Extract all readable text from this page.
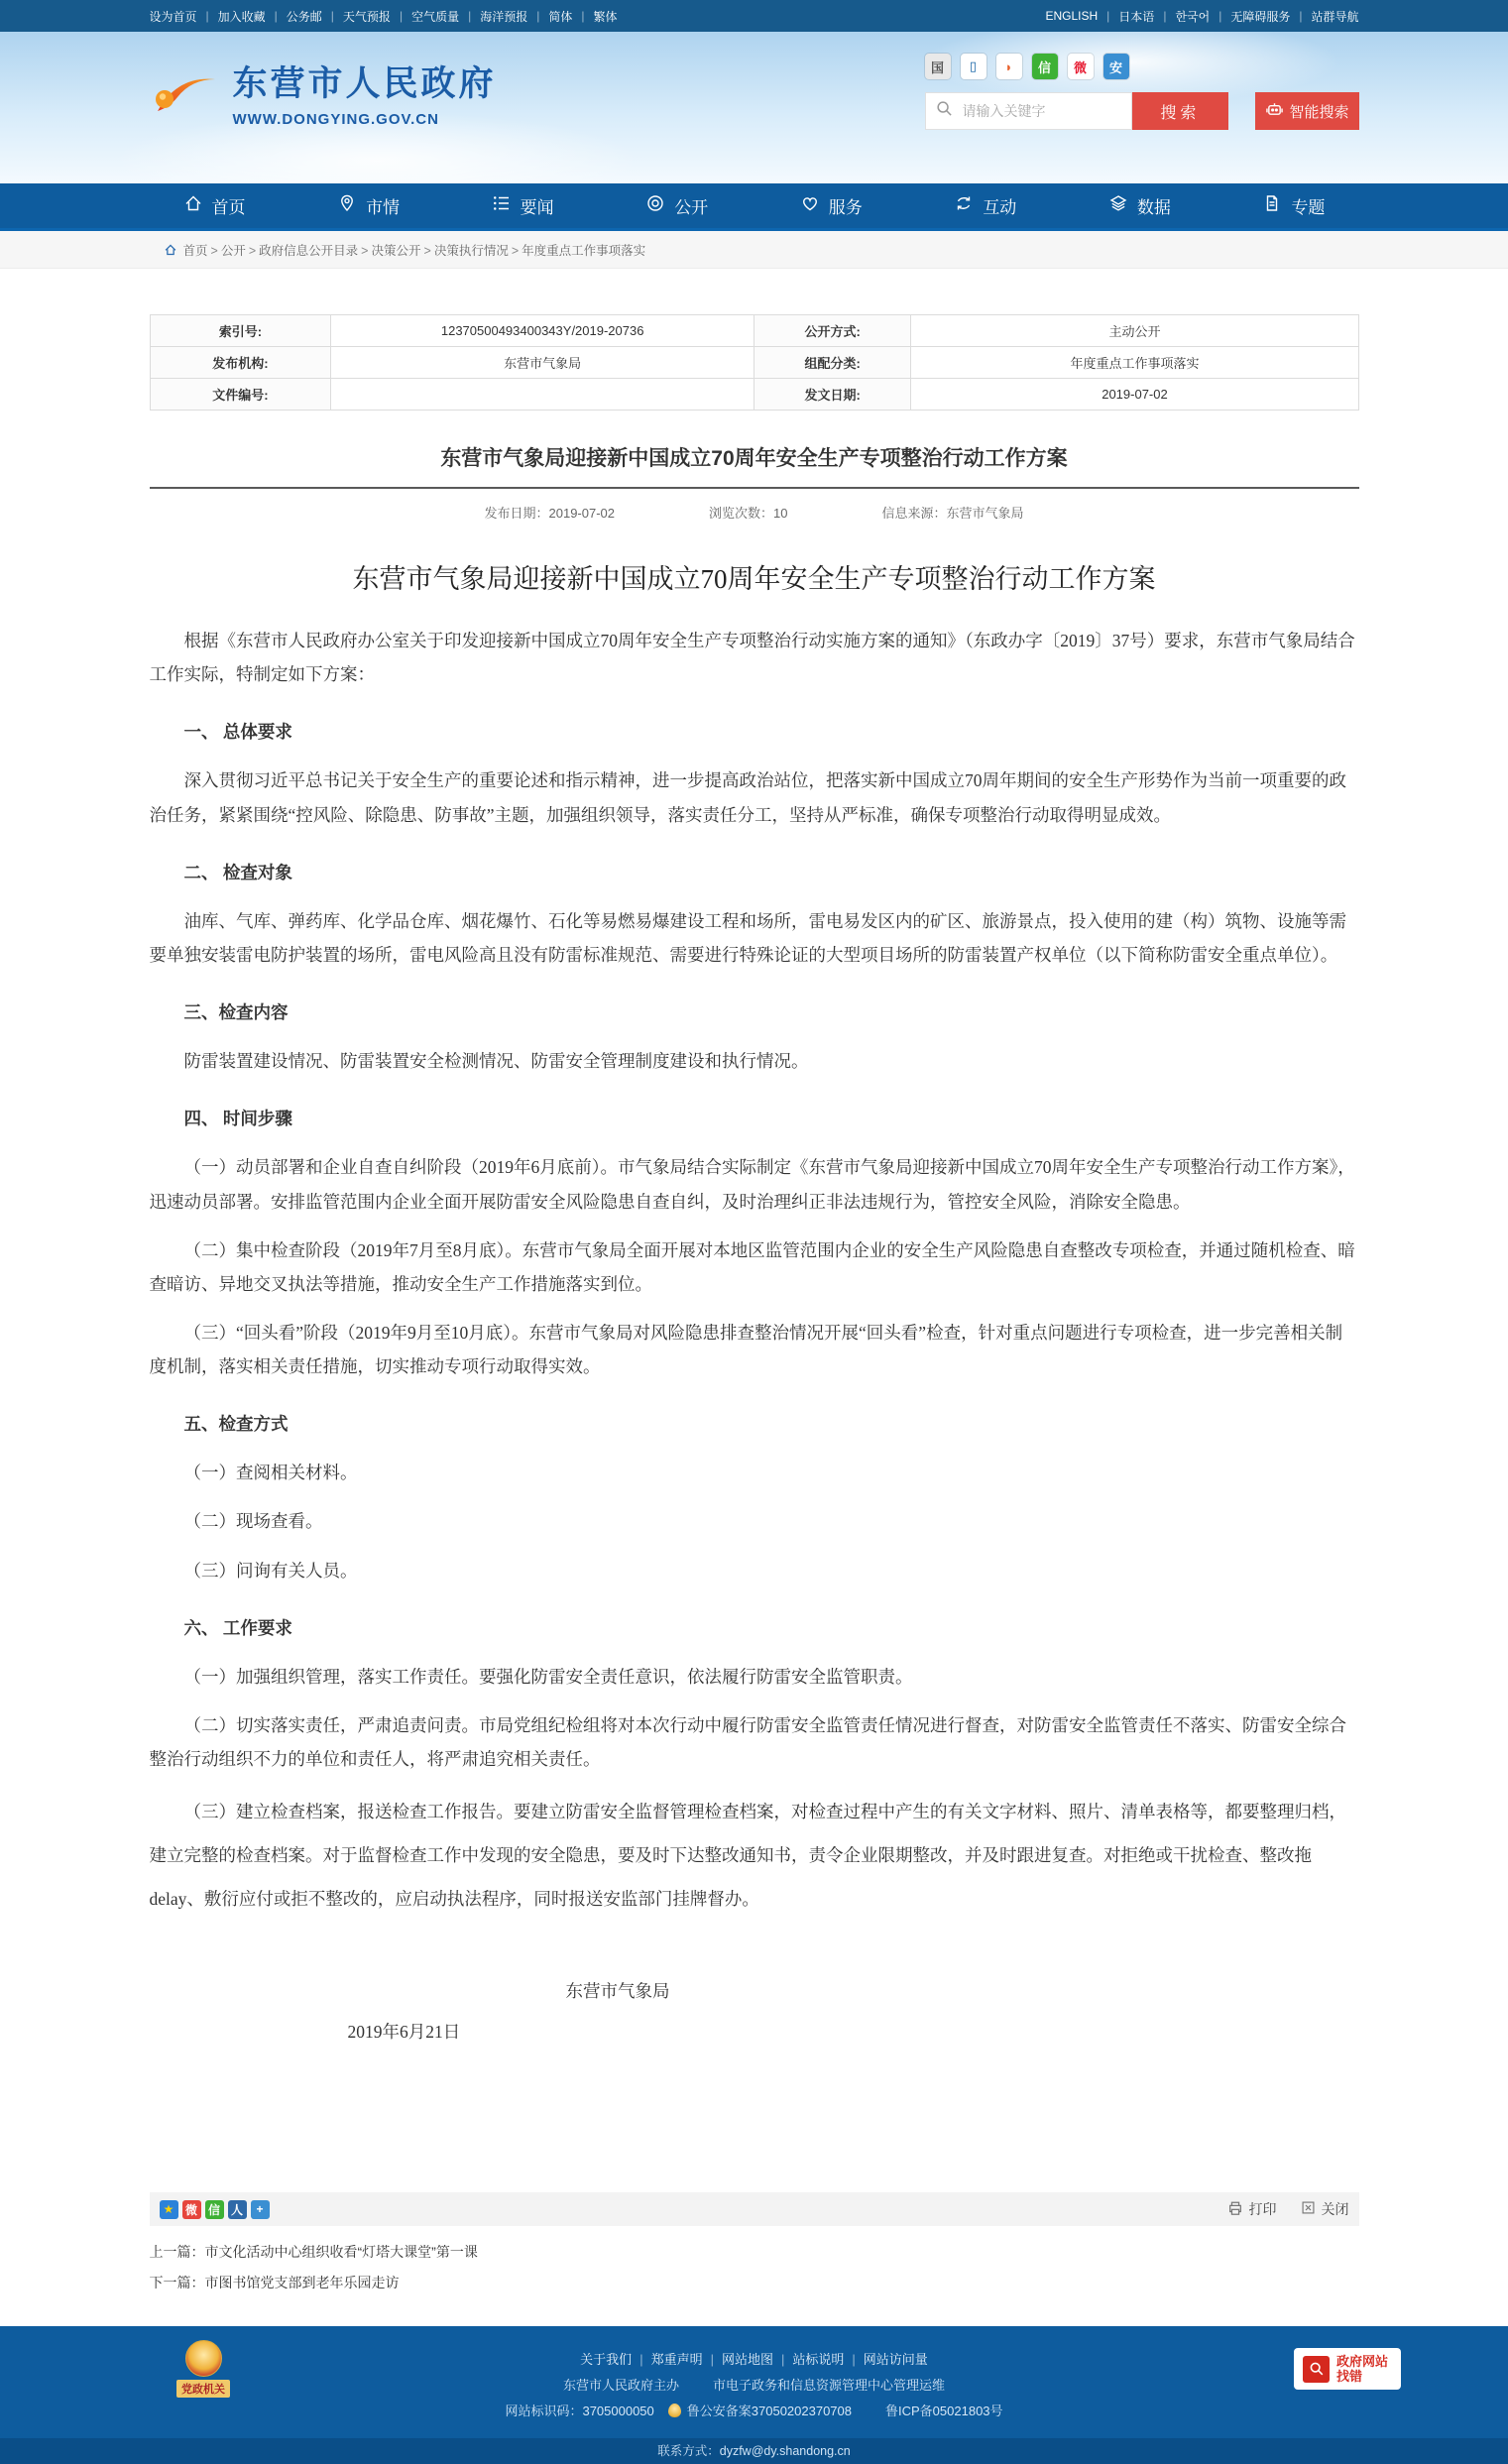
设为首页 | 加入收藏 | 公务邮 | 天气预报 | 空气质量 | 海洋预报 | 简体 | 繁体	ENGLISH | 日本语 | 한국어 | 无障碍服务 | 站群导航
东营市人民政府
WWW.DONGYING.GOV.CN
国	▯	◗	信	微	安
请输入关键字
搜索	智能搜索
首页	市情	要闻	公开	服务	互动	数据	专题
首页 > 公开 > 政府信息公开目录 > 决策公开 > 决策执行情况 > 年度重点工作事项落实
索引号:	12370500493400343Y/2019-20736	公开方式:	主动公开
发布机构:	东营市气象局	组配分类:	年度重点工作事项落实
文件编号:		发文日期:	2019-07-02
东营市气象局迎接新中国成立70周年安全生产专项整治行动工作方案
发布日期：2019-07-02	浏览次数：10	信息来源：东营市气象局
东营市气象局迎接新中国成立70周年安全生产专项整治行动工作方案

根据《东营市人民政府办公室关于印发迎接新中国成立70周年安全生产专项整治行动实施方案的通知》（东政办字〔2019〕37号）要求，东营市气象局结合工作实际，特制定如下方案：

一、 总体要求

深入贯彻习近平总书记关于安全生产的重要论述和指示精神，进一步提高政治站位，把落实新中国成立70周年期间的安全生产形势作为当前一项重要的政治任务，紧紧围绕“控风险、除隐患、防事故”主题，加强组织领导，落实责任分工，坚持从严标准，确保专项整治行动取得明显成效。

二、 检查对象

油库、气库、弹药库、化学品仓库、烟花爆竹、石化等易燃易爆建设工程和场所，雷电易发区内的矿区、旅游景点，投入使用的建（构）筑物、设施等需要单独安装雷电防护装置的场所，雷电风险高且没有防雷标准规范、需要进行特殊论证的大型项目场所的防雷装置产权单位（以下简称防雷安全重点单位）。

三、检查内容

防雷装置建设情况、防雷装置安全检测情况、防雷安全管理制度建设和执行情况。

四、 时间步骤

（一）动员部署和企业自查自纠阶段（2019年6月底前）。市气象局结合实际制定《东营市气象局迎接新中国成立70周年安全生产专项整治行动工作方案》，迅速动员部署。安排监管范围内企业全面开展防雷安全风险隐患自查自纠，及时治理纠正非法违规行为，管控安全风险，消除安全隐患。

（二）集中检查阶段（2019年7月至8月底）。东营市气象局全面开展对本地区监管范围内企业的安全生产风险隐患自查整改专项检查，并通过随机检查、暗查暗访、异地交叉执法等措施，推动安全生产工作措施落实到位。

（三）“回头看”阶段（2019年9月至10月底）。东营市气象局对风险隐患排查整治情况开展“回头看”检查，针对重点问题进行专项检查，进一步完善相关制度机制，落实相关责任措施，切实推动专项行动取得实效。

五、检查方式

（一）查阅相关材料。

（二）现场查看。

（三）问询有关人员。

六、 工作要求

（一）加强组织管理，落实工作责任。要强化防雷安全责任意识，依法履行防雷安全监管职责。

（二）切实落实责任，严肃追责问责。市局党组纪检组将对本次行动中履行防雷安全监管责任情况进行督查，对防雷安全监管责任不落实、防雷安全综合整治行动组织不力的单位和责任人，将严肃追究相关责任。

（三）建立检查档案，报送检查工作报告。要建立防雷安全监督管理检查档案，对检查过程中产生的有关文字材料、照片、清单表格等，都要整理归档，建立完整的检查档案。对于监督检查工作中发现的安全隐患，要及时下达整改通知书，责令企业限期整改，并及时跟进复查。对拒绝或干扰检查、整改拖delay、敷衍应付或拒不整改的，应启动执法程序，同时报送安监部门挂牌督办。

东营市气象局
2019年6月21日
★ 微 信 人	+	打印	关闭
上一篇：市文化活动中心组织收看“灯塔大课堂”第一课
下一篇：市图书馆党支部到老年乐园走访
党政机关
关于我们 | 郑重声明 | 网站地图 | 站标说明 | 网站访问量
东营市人民政府主办	市电子政务和信息资源管理中心管理运维
网站标识码：3705000050	鲁公安备案37050202370708	鲁ICP备05021803号
政府网站
找错
联系方式：dyzfw@dy.shandong.cn
